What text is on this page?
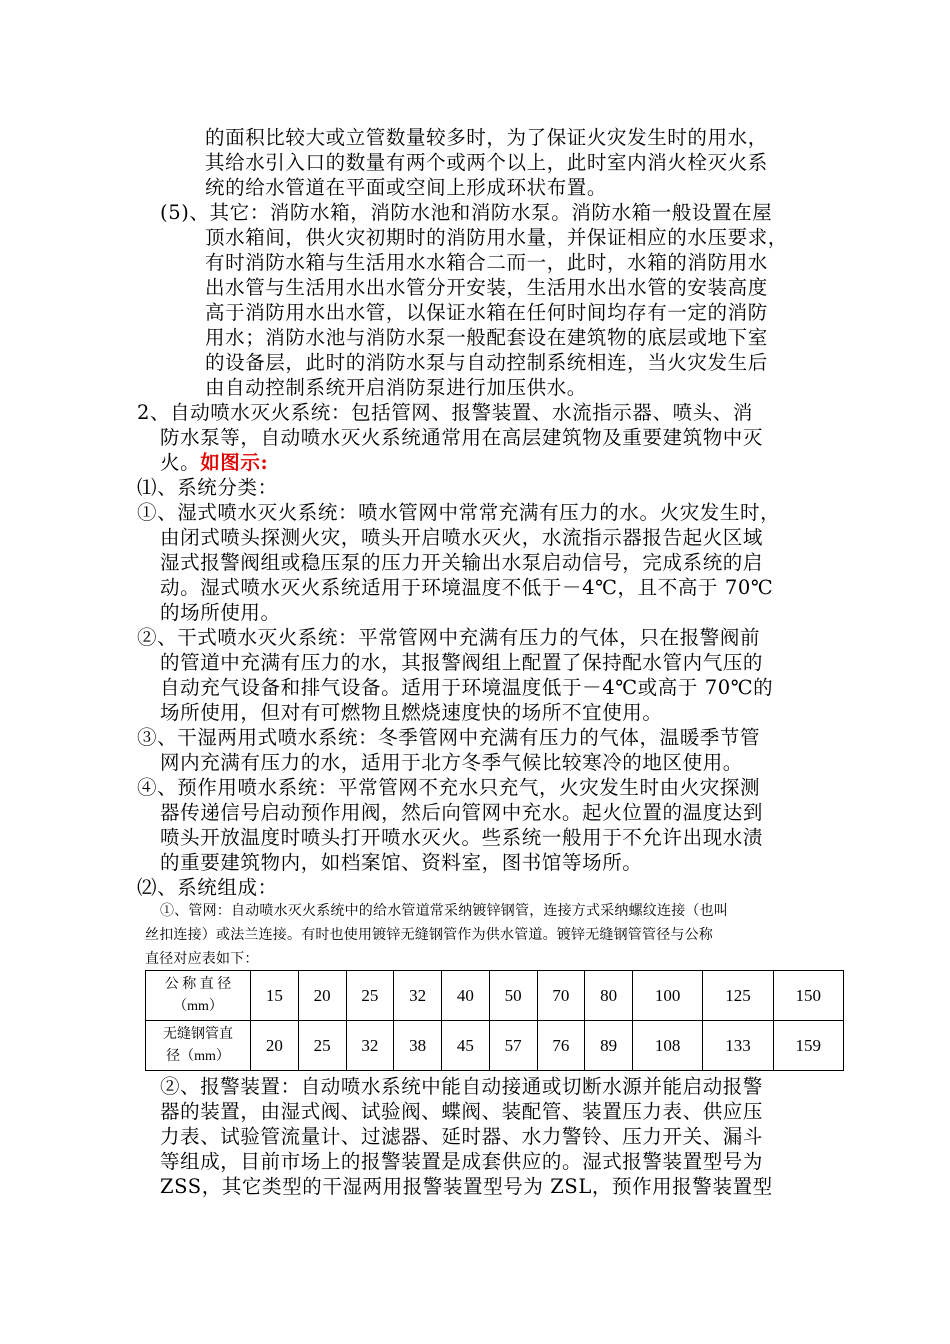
的面积比较大或立管数量较多时，为了保证火灾发生时的用水，
其给水引入口的数量有两个或两个以上，此时室内消火栓灭火系
统的给水管道在平面或空间上形成环状布置。
(5)、其它：消防水箱，消防水池和消防水泵。消防水箱一般设置在屋
顶水箱间，供火灾初期时的消防用水量，并保证相应的水压要求，
有时消防水箱与生活用水水箱合二而一，此时，水箱的消防用水
出水管与生活用水出水管分开安装，生活用水出水管的安装高度
高于消防用水出水管，以保证水箱在任何时间均存有一定的消防
用水；消防水池与消防水泵一般配套设在建筑物的底层或地下室
的设备层，此时的消防水泵与自动控制系统相连，当火灾发生后
由自动控制系统开启消防泵进行加压供水。
2、自动喷水灭火系统：包括管网、报警装置、水流指示器、喷头、消
防水泵等，自动喷水灭火系统通常用在高层建筑物及重要建筑物中灭
火。如图示:
⑴、系统分类：
①、湿式喷水灭火系统：喷水管网中常常充满有压力的水。火灾发生时，
由闭式喷头探测火灾，喷头开启喷水灭火，水流指示器报告起火区域
湿式报警阀组或稳压泵的压力开关输出水泵启动信号，完成系统的启
动。湿式喷水灭火系统适用于环境温度不低于－4℃，且不高于 70℃
的场所使用。
②、干式喷水灭火系统：平常管网中充满有压力的气体，只在报警阀前
的管道中充满有压力的水，其报警阀组上配置了保持配水管内气压的
自动充气设备和排气设备。适用于环境温度低于－4℃或高于 70℃的
场所使用，但对有可燃物且燃烧速度快的场所不宜使用。
③、干湿两用式喷水系统：冬季管网中充满有压力的气体，温暖季节管
网内充满有压力的水，适用于北方冬季气候比较寒冷的地区使用。
④、预作用喷水系统：平常管网不充水只充气，火灾发生时由火灾探测
器传递信号启动预作用阀，然后向管网中充水。起火位置的温度达到
喷头开放温度时喷头打开喷水灭火。些系统一般用于不允许出现水渍
的重要建筑物内，如档案馆、资料室，图书馆等场所。
⑵、系统组成：
①、管网：自动喷水灭火系统中的给水管道常采纳镀锌钢管，连接方式采纳螺纹连接（也叫
丝扣连接）或法兰连接。有时也使用镀锌无缝钢管作为供水管道。镀锌无缝钢管管径与公称
直径对应表如下：
公 称 直 径
（mm）	15	20	25	32	40	50	70	80	100	125	150
无缝钢管直
径（mm）	20	25	32	38	45	57	76	89	108	133	159
②、报警装置：自动喷水系统中能自动接通或切断水源并能启动报警
器的装置，由湿式阀、试验阀、蝶阀、装配管、装置压力表、供应压
力表、试验管流量计、过滤器、延时器、水力警铃、压力开关、漏斗
等组成，目前市场上的报警装置是成套供应的。湿式报警装置型号为
ZSS，其它类型的干湿两用报警装置型号为 ZSL，预作用报警装置型
